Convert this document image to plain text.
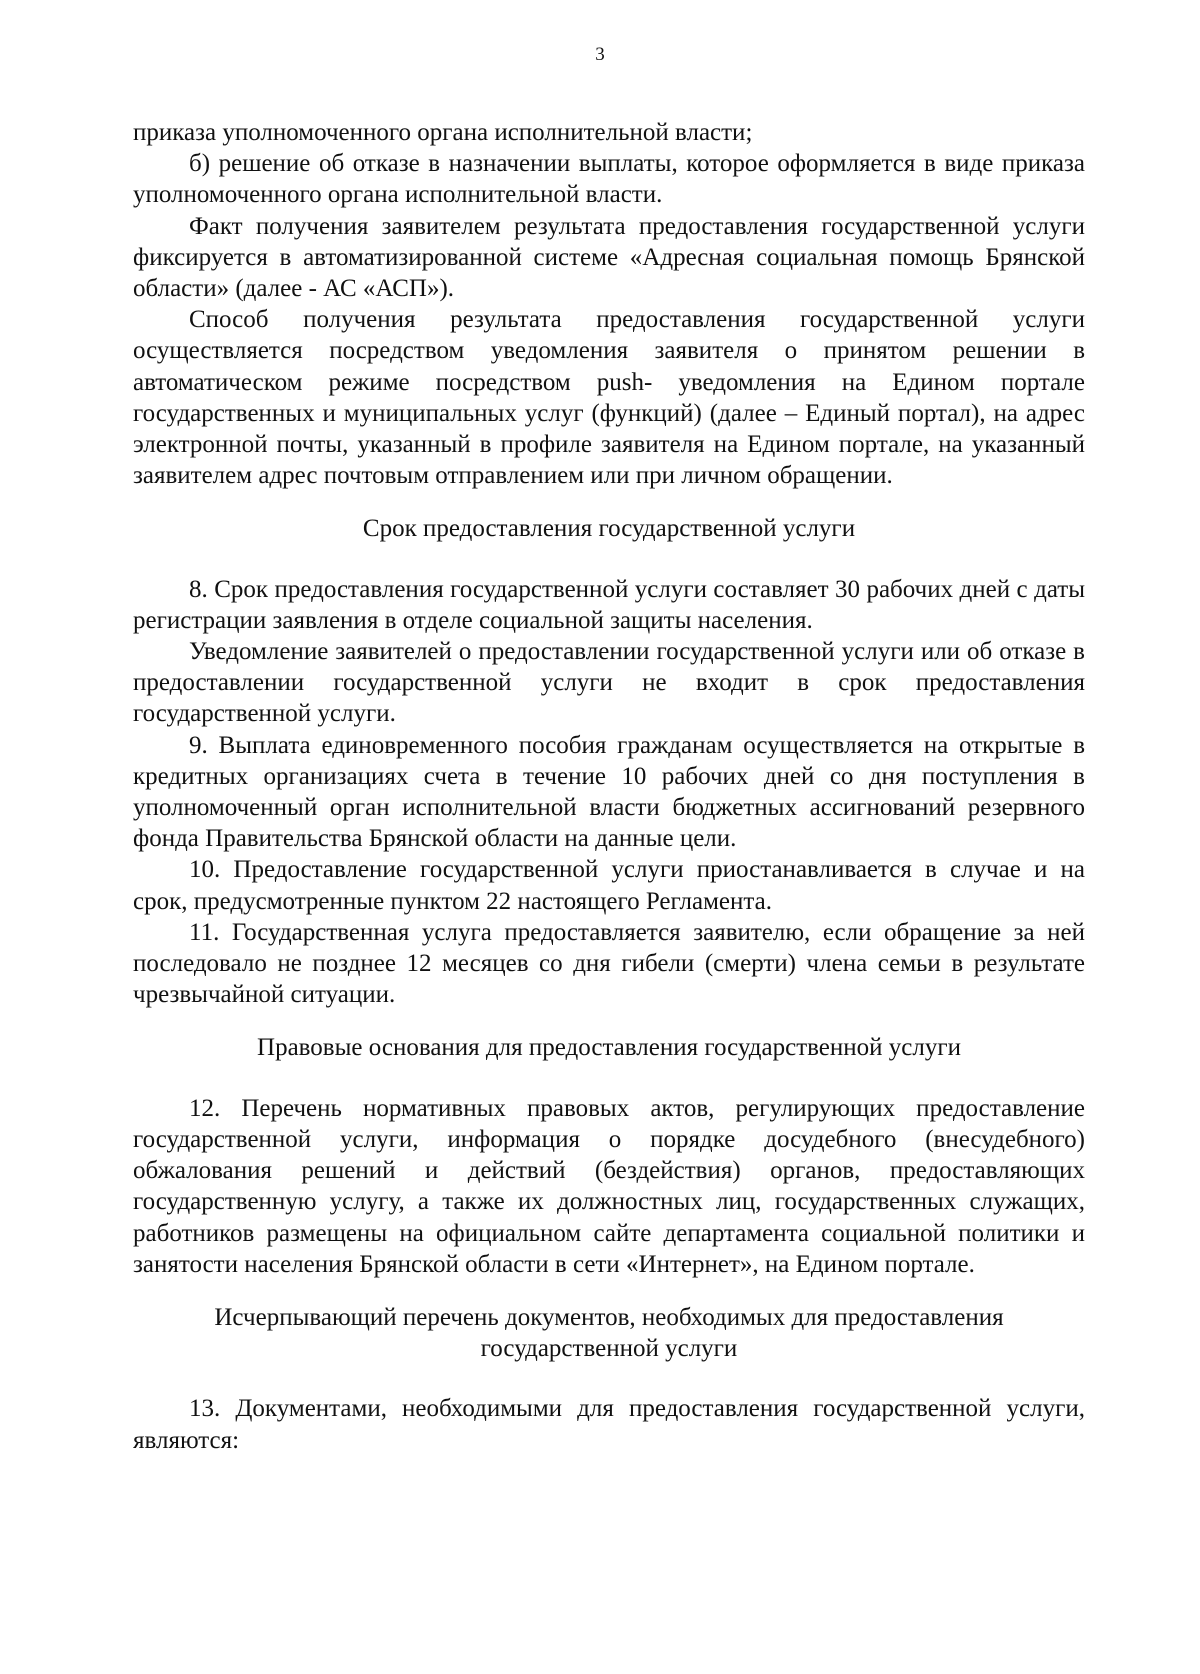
3

приказа уполномоченного органа исполнительной власти;

б) решение об отказе в назначении выплаты, которое оформляется в виде приказа уполномоченного органа исполнительной власти.

Факт получения заявителем результата предоставления государственной услуги фиксируется в автоматизированной системе «Адресная социальная помощь Брянской области» (далее - АС «АСП»).

Способ получения результата предоставления государственной услуги осуществляется посредством уведомления заявителя о принятом решении в автоматическом режиме посредством push- уведомления на Едином портале государственных и муниципальных услуг (функций) (далее – Единый портал), на адрес электронной почты, указанный в профиле заявителя на Едином портале, на указанный заявителем адрес почтовым отправлением или при личном обращении.

Срок предоставления государственной услуги

8. Срок предоставления государственной услуги составляет 30 рабочих дней с даты регистрации заявления в отделе социальной защиты населения.

Уведомление заявителей о предоставлении государственной услуги или об отказе в предоставлении государственной услуги не входит в срок предоставления государственной услуги.

9. Выплата единовременного пособия гражданам осуществляется на открытые в кредитных организациях счета в течение 10 рабочих дней со дня поступления в уполномоченный орган исполнительной власти бюджетных ассигнований резервного фонда Правительства Брянской области на данные цели.

10. Предоставление государственной услуги приостанавливается в случае и на срок, предусмотренные пунктом 22 настоящего Регламента.

11. Государственная услуга предоставляется заявителю, если обращение за ней последовало не позднее 12 месяцев со дня гибели (смерти) члена семьи в результате чрезвычайной ситуации.

Правовые основания для предоставления государственной услуги

12. Перечень нормативных правовых актов, регулирующих предоставление государственной услуги, информация о порядке досудебного (внесудебного) обжалования решений и действий (бездействия) органов, предоставляющих государственную услугу, а также их должностных лиц, государственных служащих, работников размещены на официальном сайте департамента социальной политики и занятости населения Брянской области в сети «Интернет», на Едином портале.

Исчерпывающий перечень документов, необходимых для предоставления

государственной услуги

13. Документами, необходимыми для предоставления государственной услуги, являются:
